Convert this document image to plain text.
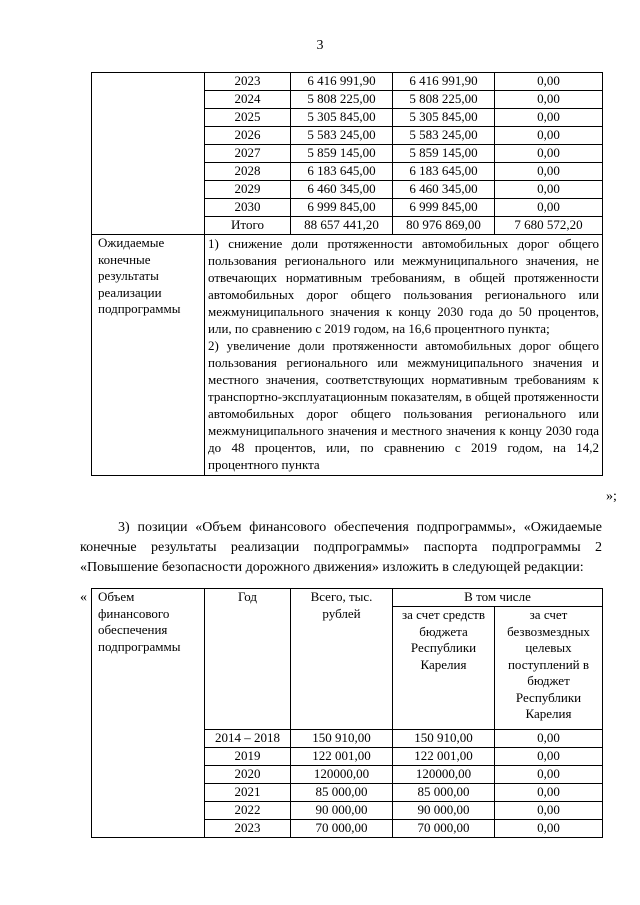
3
	2023	6 416 991,90	6 416 991,90	0,00
	2024	5 808 225,00	5 808 225,00	0,00
	2025	5 305 845,00	5 305 845,00	0,00
	2026	5 583 245,00	5 583 245,00	0,00
	2027	5 859 145,00	5 859 145,00	0,00
	2028	6 183 645,00	6 183 645,00	0,00
	2029	6 460 345,00	6 460 345,00	0,00
	2030	6 999 845,00	6 999 845,00	0,00
	Итого	88 657 441,20	80 976 869,00	7 680 572,20
Ожидаемые конечные результаты реализации подпрограммы	1) снижение доли протяженности автомобильных дорог общего пользования регионального или межмуниципального значения, не отвечающих нормативным требованиям, в общей протяженности автомобильных дорог общего пользования регионального или межмуниципального значения к концу 2030 года до 50 процентов, или, по сравнению с 2019 годом, на 16,6 процентного пункта;

2) увеличение доли протяженности автомобильных дорог общего пользования регионального или межмуниципального значения и местного значения, соответствующих нормативным требованиям к транспортно-эксплуатационным показателям, в общей протяженности автомобильных дорог общего пользования регионального или межмуниципального значения и местного значения к концу 2030 года до 48 процентов, или, по сравнению с 2019 годом, на 14,2 процентного пункта			

»;
3) позиции «Объем финансового обеспечения подпрограммы», «Ожидаемые конечные результаты реализации подпрограммы» паспорта подпрограммы 2 «Повышение безопасности дорожного движения» изложить в следующей редакции:
« Объем финансового обеспечения подпрограммы	Год	Всего, тыс. рублей	В том числе	
			за счет средств бюджета Республики Карелия	за счет безвозмездных целевых поступлений в бюджет Республики Карелия
	2014 – 2018	150 910,00	150 910,00	0,00
	2019	122 001,00	122 001,00	0,00
	2020	120000,00	120000,00	0,00
	2021	85 000,00	85 000,00	0,00
	2022	90 000,00	90 000,00	0,00
	2023	70 000,00	70 000,00	0,00
